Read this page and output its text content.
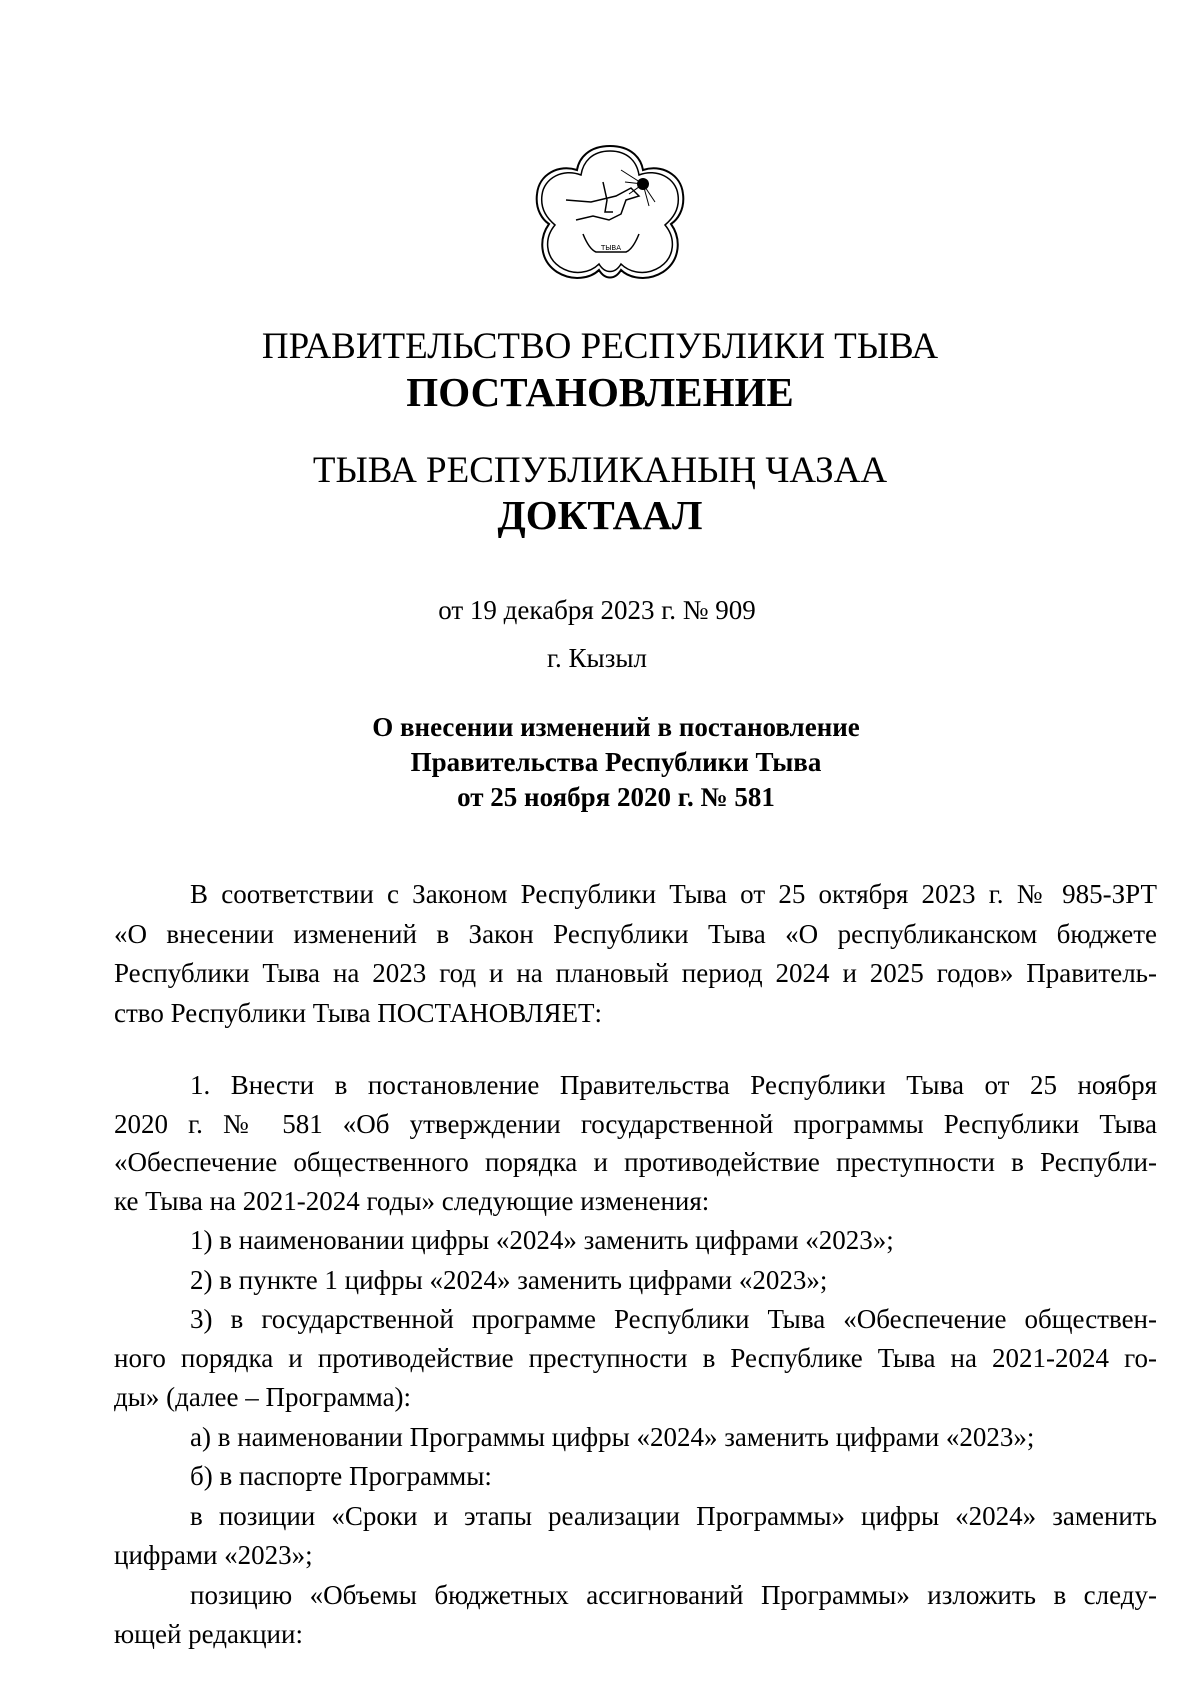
ТЫВА
ПРАВИТЕЛЬСТВО РЕСПУБЛИКИ ТЫВА
ПОСТАНОВЛЕНИЕ
ТЫВА РЕСПУБЛИКАНЫҢ ЧАЗАА
ДОКТААЛ
от 19 декабря 2023 г. № 909
г. Кызыл
О внесении изменений в постановление
Правительства Республики Тыва
от 25 ноября 2020 г. № 581
В соответствии с Законом Республики Тыва от 25 октября 2023 г. № 985-ЗРТ
«О внесении изменений в Закон Республики Тыва «О республиканском бюджете
Республики Тыва на 2023 год и на плановый период 2024 и 2025 годов» Правитель-
ство Республики Тыва ПОСТАНОВЛЯЕТ:
1. Внести в постановление Правительства Республики Тыва от 25 ноября
2020 г. № 581 «Об утверждении государственной программы Республики Тыва
«Обеспечение общественного порядка и противодействие преступности в Республи-
ке Тыва на 2021-2024 годы» следующие изменения:
1) в наименовании цифры «2024» заменить цифрами «2023»;
2) в пункте 1 цифры «2024» заменить цифрами «2023»;
3) в государственной программе Республики Тыва «Обеспечение обществен-
ного порядка и противодействие преступности в Республике Тыва на 2021-2024 го-
ды» (далее – Программа):
а) в наименовании Программы цифры «2024» заменить цифрами «2023»;
б) в паспорте Программы:
в позиции «Сроки и этапы реализации Программы» цифры «2024» заменить
цифрами «2023»;
позицию «Объемы бюджетных ассигнований Программы» изложить в следу-
ющей редакции:
